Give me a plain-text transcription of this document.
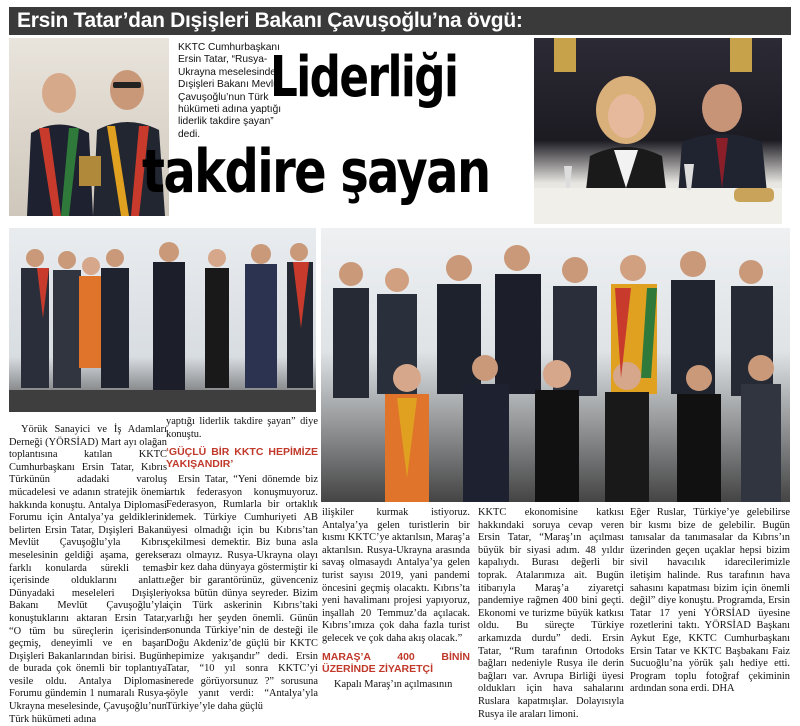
Ersin Tatar’dan Dışişleri Bakanı Çavuşoğlu’na övgü:
KKTC Cumhurbaşkanı Ersin Tatar, “Rusya-Ukrayna meselesinde, Dışişleri Bakanı Mevlüt Çavuşoğlu’nun Türk hükümeti adına yaptığı liderlik takdire şayan” dedi.
Liderliği
takdire şayan

Yörük Sanayici ve İş Adamları Derneği (YÖRSİAD) Mart ayı olağan toplantısına katılan KKTC Cumhurbaşkanı Ersin Tatar, Kıbrıs Türkünün adadaki varoluş mücadelesi ve adanın stratejik önemi hakkında konuştu. Antalya Diplomasi Forumu için Antalya’ya geldiklerini belirten Ersin Tatar, Dışişleri Bakanı Mevlüt Çavuşoğlu’yla Kıbrıs meselesinin geldiği aşama, gerekse farklı konularda sürekli temas içerisinde olduklarını anlattı. Dünyadaki meseleleri Dışişleri Bakanı Mevlüt Çavuşoğlu’yla konuştuklarını aktaran Ersin Tatar, “O tüm bu süreçlerin içerisinden geçmiş, deneyimli ve en başarı Dışişleri Bakanlarından birisi. Bugün de burada çok önemli bir toplantıya vesile oldu. Antalya Diplomasi Forumu gündemin 1 numaralı Rusya-Ukrayna meselesinde, Çavuşoğlu’nun Türk hükümeti adına

yaptığı liderlik takdire şayan” diye konuştu.

‘GÜÇLÜ BİR KKTC HEPİMİZE YAKIŞANDIR’

Ersin Tatar, “Yeni dönemde biz artık federasyon konuşmuyoruz. Federasyon, Rumlarla bir ortaklık demek. Türkiye Cumhuriyeti AB üyesi olmadığı için bu Kıbrıs’tan çekilmesi demektir. Biz buna asla razı olmayız. Rusya-Ukrayna olayı bir kez daha dünyaya göstermiştir ki eğer bir garantörünüz, güvenceniz yoksa bütün dünya seyreder. Bizim için Türk askerinin Kıbrıs’taki varlığı her şeyden önemli. Günün sonunda Türkiye’nin de desteği ile Doğu Akdeniz’de güçlü bir KKTC hepimize yakışandır” dedi. Ersin Tatar, “10 yıl sonra KKTC’yi nerede görüyorsunuz ?” sorusuna şöyle yanıt verdi: “Antalya’yla Türkiye’yle daha güçlü

ilişkiler kurmak istiyoruz. Antalya’ya gelen turistlerin bir kısmı KKTC’ye aktarılsın, Maraş’a aktarılsın. Rusya-Ukrayna arasında savaş olmasaydı Antalya’ya gelen turist sayısı 2019, yani pandemi öncesini geçmiş olacaktı. Kıbrıs’ta yeni havalimanı projesi yapıyoruz, inşallah 20 Temmuz’da açılacak. Kıbrıs’ımıza çok daha fazla turist gelecek ve çok daha akış olacak.”

MARAŞ’A 400 BİNİN ÜZERİNDE ZİYARETÇİ

Kapalı Maraş’ın açılmasının

KKTC ekonomisine katkısı hakkındaki soruya cevap veren Ersin Tatar, “Maraş’ın açılması büyük bir siyasi adım. 48 yıldır kapalıydı. Burası değerli bir toprak. Atalarımıza ait. Bugün itibarıyla Maraş’a ziyaretçi pandemiye rağmen 400 bini geçti. Ekonomi ve turizme büyük katkısı oldu. Bu süreçte Türkiye arkamızda durdu” dedi. Ersin Tatar, “Rum tarafının Ortodoks bağları nedeniyle Rusya ile derin bağları var. Avrupa Birliği üyesi oldukları için hava sahalarını Ruslara kapatmışlar. Dolayısıyla Rusya ile araları limoni.

Eğer Ruslar, Türkiye’ye gelebilirse bir kısmı bize de gelebilir. Bugün tanısalar da tanımasalar da Kıbrıs’ın üzerinden geçen uçaklar hepsi bizim sivil havacılık idarecilerimizle iletişim halinde. Rus tarafının hava sahasını kapatması bizim için önemli değil” diye konuştu. Programda, Ersin Tatar 17 yeni YÖRSİAD üyesine rozetlerini taktı. YÖRSİAD Başkanı Aykut Ege, KKTC Cumhurbaşkanı Ersin Tatar ve KKTC Başbakanı Faiz Sucuoğlu’na yörük şalı hediye etti. Program toplu fotoğraf çekiminin ardından sona erdi. DHA
